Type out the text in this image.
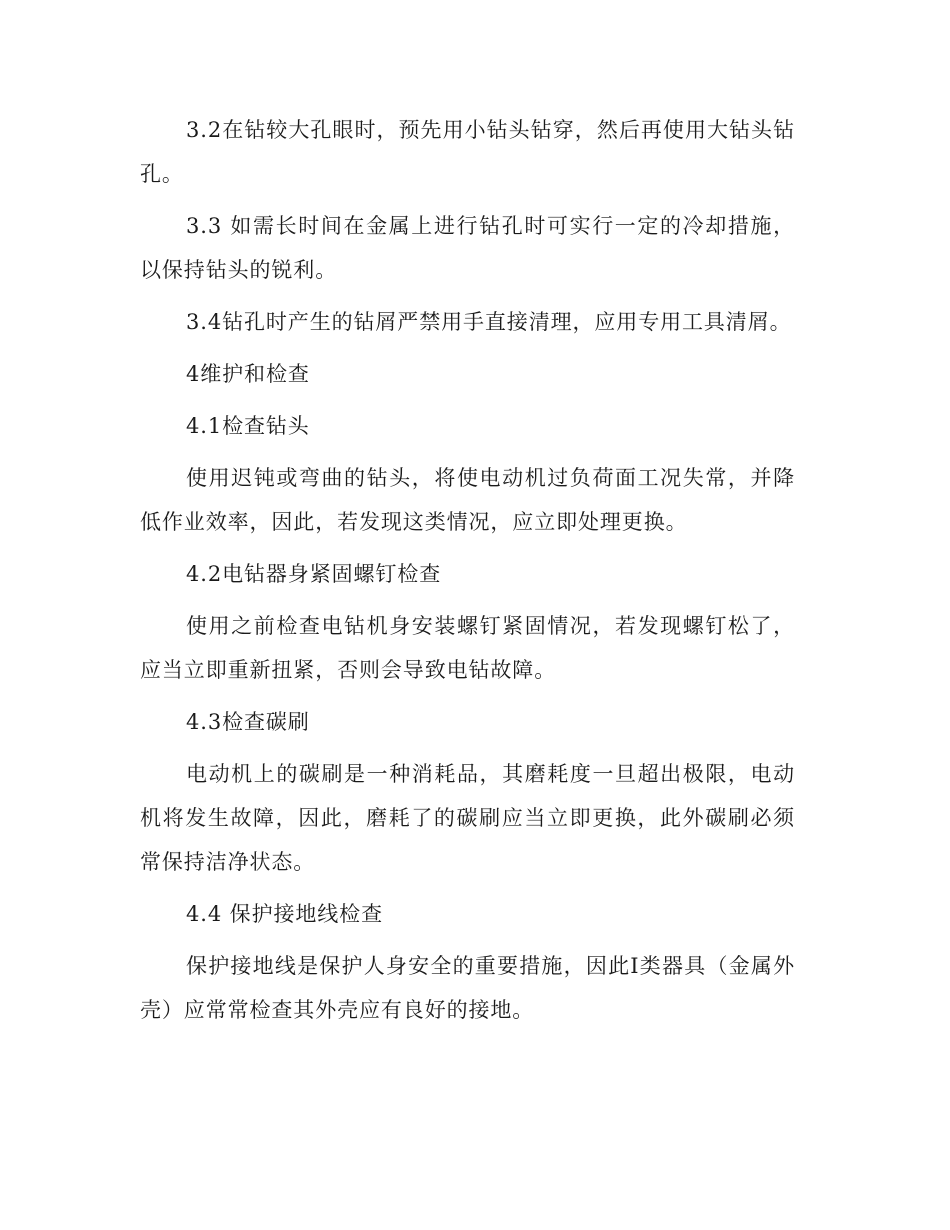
3.2在钻较大孔眼时，预先用小钻头钻穿，然后再使用大钻头钻孔。

3.3 如需长时间在金属上进行钻孔时可实行一定的冷却措施，以保持钻头的锐利。

3.4钻孔时产生的钻屑严禁用手直接清理，应用专用工具清屑。

4维护和检查

4.1检查钻头

使用迟钝或弯曲的钻头，将使电动机过负荷面工况失常，并降低作业效率，因此，若发现这类情况，应立即处理更换。

4.2电钻器身紧固螺钉检查

使用之前检查电钻机身安装螺钉紧固情况，若发现螺钉松了，应当立即重新扭紧，否则会导致电钻故障。

4.3检查碳刷

电动机上的碳刷是一种消耗品，其磨耗度一旦超出极限，电动机将发生故障，因此，磨耗了的碳刷应当立即更换，此外碳刷必须常保持洁净状态。

4.4 保护接地线检查

保护接地线是保护人身安全的重要措施，因此Ⅰ类器具（金属外壳）应常常检查其外壳应有良好的接地。
